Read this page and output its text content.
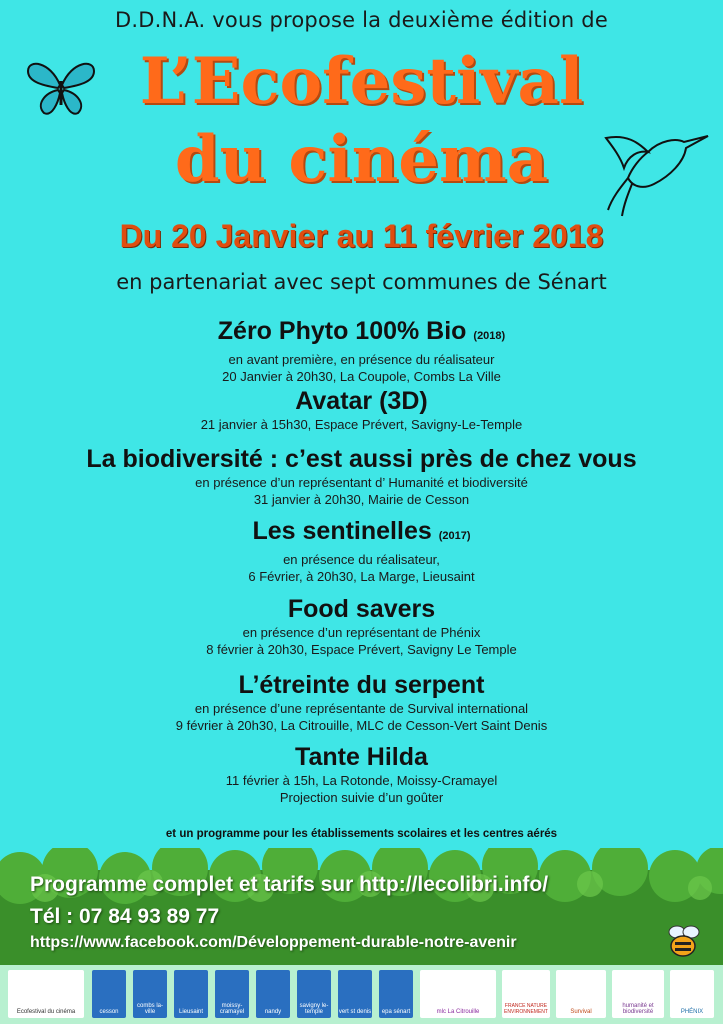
D.D.N.A. vous propose la deuxième édition de
L’Ecofestival
du cinéma
Du 20 Janvier au 11 février 2018
en partenariat avec sept communes de Sénart
Zéro Phyto 100% Bio (2018)
en avant première, en présence du réalisateur
20 Janvier à 20h30, La Coupole, Combs La Ville
Avatar (3D)
21 janvier à 15h30, Espace Prévert, Savigny-Le-Temple
La biodiversité : c’est aussi près de chez vous
en présence d’un représentant d’ Humanité et biodiversité
31 janvier à 20h30, Mairie de Cesson
Les sentinelles (2017)
en présence du réalisateur,
6 Février, à 20h30, La Marge, Lieusaint
Food savers
en présence d’un représentant de Phénix
8 février à 20h30, Espace Prévert, Savigny Le Temple
L’étreinte du serpent
en présence d’une représentante de Survival international
9 février à 20h30, La Citrouille, MLC de Cesson-Vert Saint Denis
Tante Hilda
11 février à 15h, La Rotonde, Moissy-Cramayel
Projection suivie d’un goûter
et un programme pour les établissements scolaires et les centres aérés
Programme complet et tarifs sur http://lecolibri.info/
Tél : 07 84 93 89 77
https://www.facebook.com/Développement-durable-notre-avenir
Ecofestival du cinéma	cesson
combs la-ville	Lieusaint
moissy-cramayel	nandy
savigny le-temple	vert st denis	epa sénart	mlc La Citrouille
FRANCE NATURE ENVIRONNEMENT	Survival
humanité et biodiversité	PHÉNIX
